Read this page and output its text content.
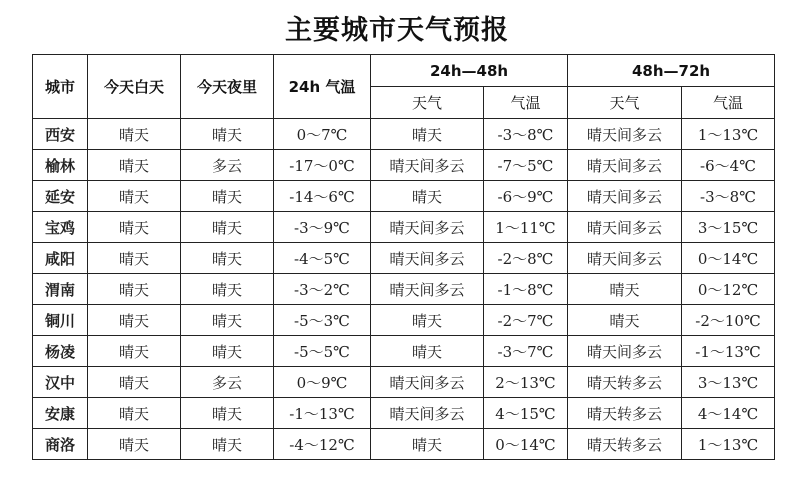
主要城市天气预报
城市	今天白天	今天夜里	24h 气温	24h—48h		48h—72h	
				天气	气温	天气	气温
西安	晴天	晴天	0～7℃	晴天	-3～8℃	晴天间多云	1～13℃
榆林	晴天	多云	-17～0℃	晴天间多云	-7～5℃	晴天间多云	-6～4℃
延安	晴天	晴天	-14～6℃	晴天	-6～9℃	晴天间多云	-3～8℃
宝鸡	晴天	晴天	-3～9℃	晴天间多云	1～11℃	晴天间多云	3～15℃
咸阳	晴天	晴天	-4～5℃	晴天间多云	-2～8℃	晴天间多云	0～14℃
渭南	晴天	晴天	-3～2℃	晴天间多云	-1～8℃	晴天	0～12℃
铜川	晴天	晴天	-5～3℃	晴天	-2～7℃	晴天	-2～10℃
杨凌	晴天	晴天	-5～5℃	晴天	-3～7℃	晴天间多云	-1～13℃
汉中	晴天	多云	0～9℃	晴天间多云	2～13℃	晴天转多云	3～13℃
安康	晴天	晴天	-1～13℃	晴天间多云	4～15℃	晴天转多云	4～14℃
商洛	晴天	晴天	-4～12℃	晴天	0～14℃	晴天转多云	1～13℃
